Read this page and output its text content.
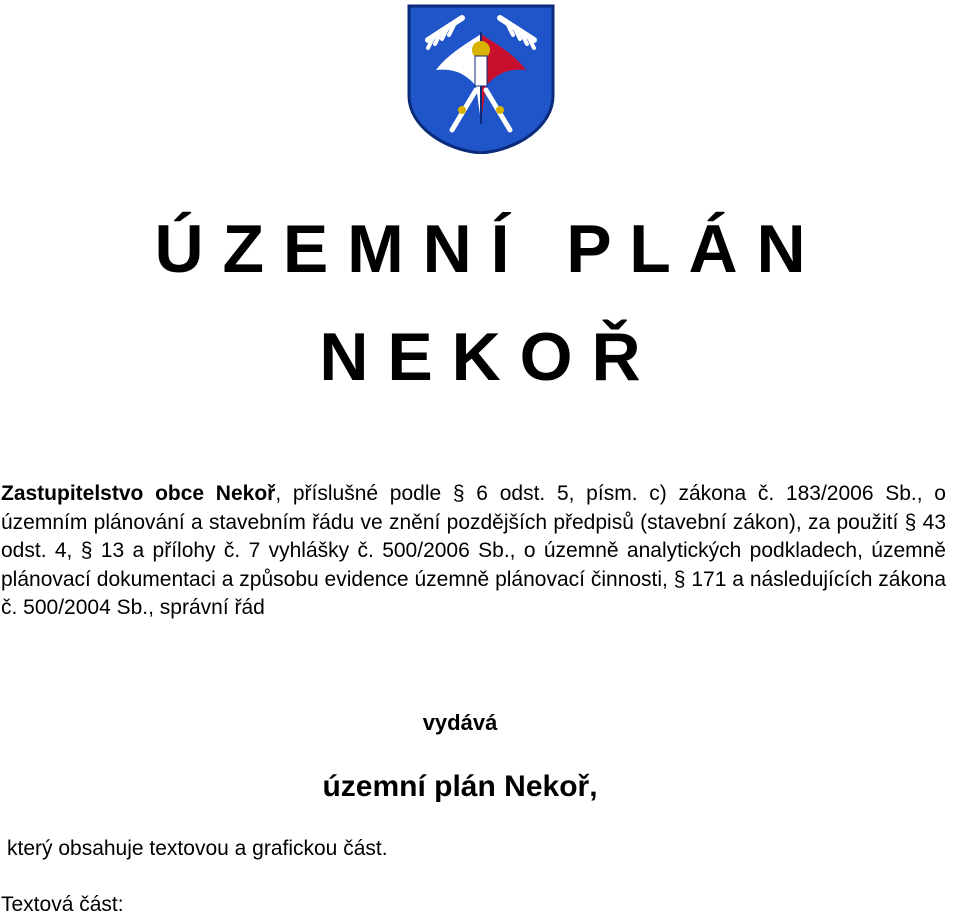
Ú Z E M N Í   P L Á N
N E K O Ř
Zastupitelstvo obce Nekoř, příslušné podle § 6 odst. 5, písm. c) zákona č. 183/2006 Sb., o územním plánování a stavebním řádu ve znění pozdějších předpisů (stavební zákon), za použití § 43 odst. 4, § 13 a přílohy č. 7 vyhlášky č. 500/2006 Sb., o územně analytických podkladech, územně plánovací dokumentaci a způsobu evidence územně plánovací činnosti, § 171 a následujících zákona č. 500/2004 Sb., správní řád
vydává
územní plán Nekoř,
který obsahuje textovou a grafickou část.
Textová část:
